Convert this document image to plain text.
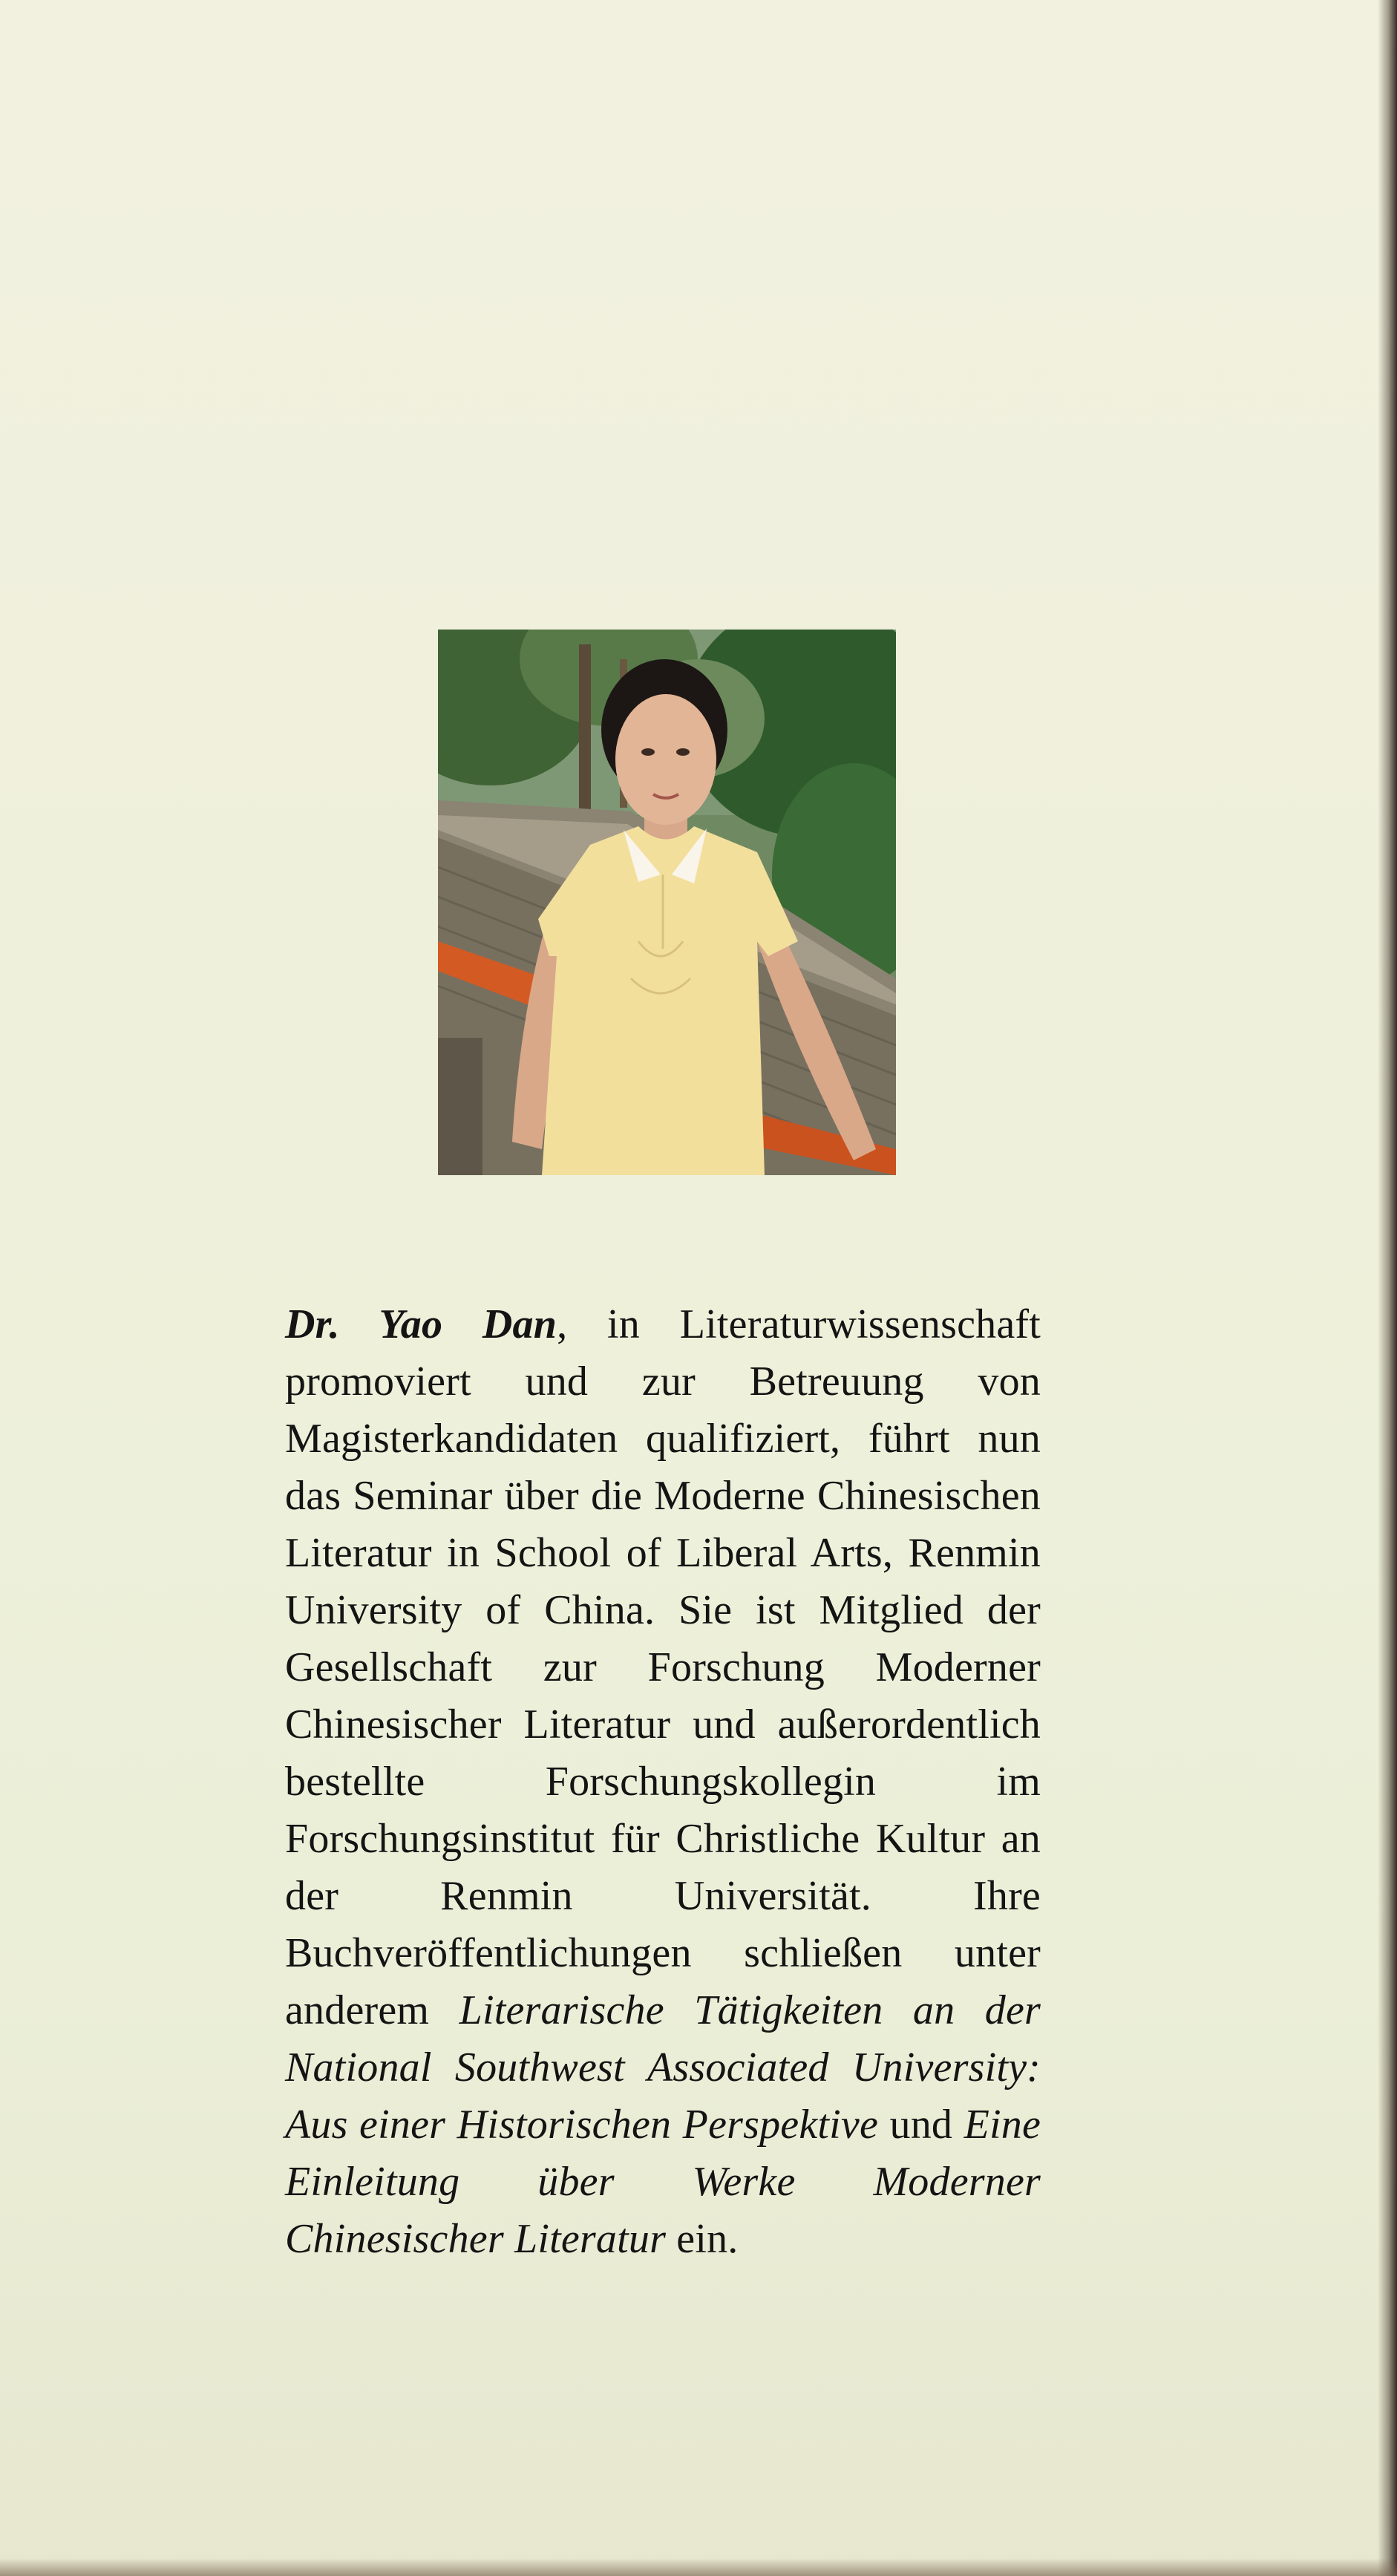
Dr. Yao Dan, in Literaturwissenschaft promoviert und zur Betreuung von Magisterkandidaten qualifiziert, führt nun das Seminar über die Moderne Chinesischen Literatur in School of Liberal Arts, Renmin University of China. Sie ist Mitglied der Gesellschaft zur Forschung Moderner Chinesischer Literatur und außerordentlich bestellte Forschungskollegin im Forschungsinstitut für Christliche Kultur an der Renmin Universität. Ihre Buchveröffentlichungen schließen unter anderem Literarische Tätigkeiten an der National Southwest Associated University: Aus einer Historischen Perspektive und Eine Einleitung über Werke Moderner Chinesischer Literatur ein.
